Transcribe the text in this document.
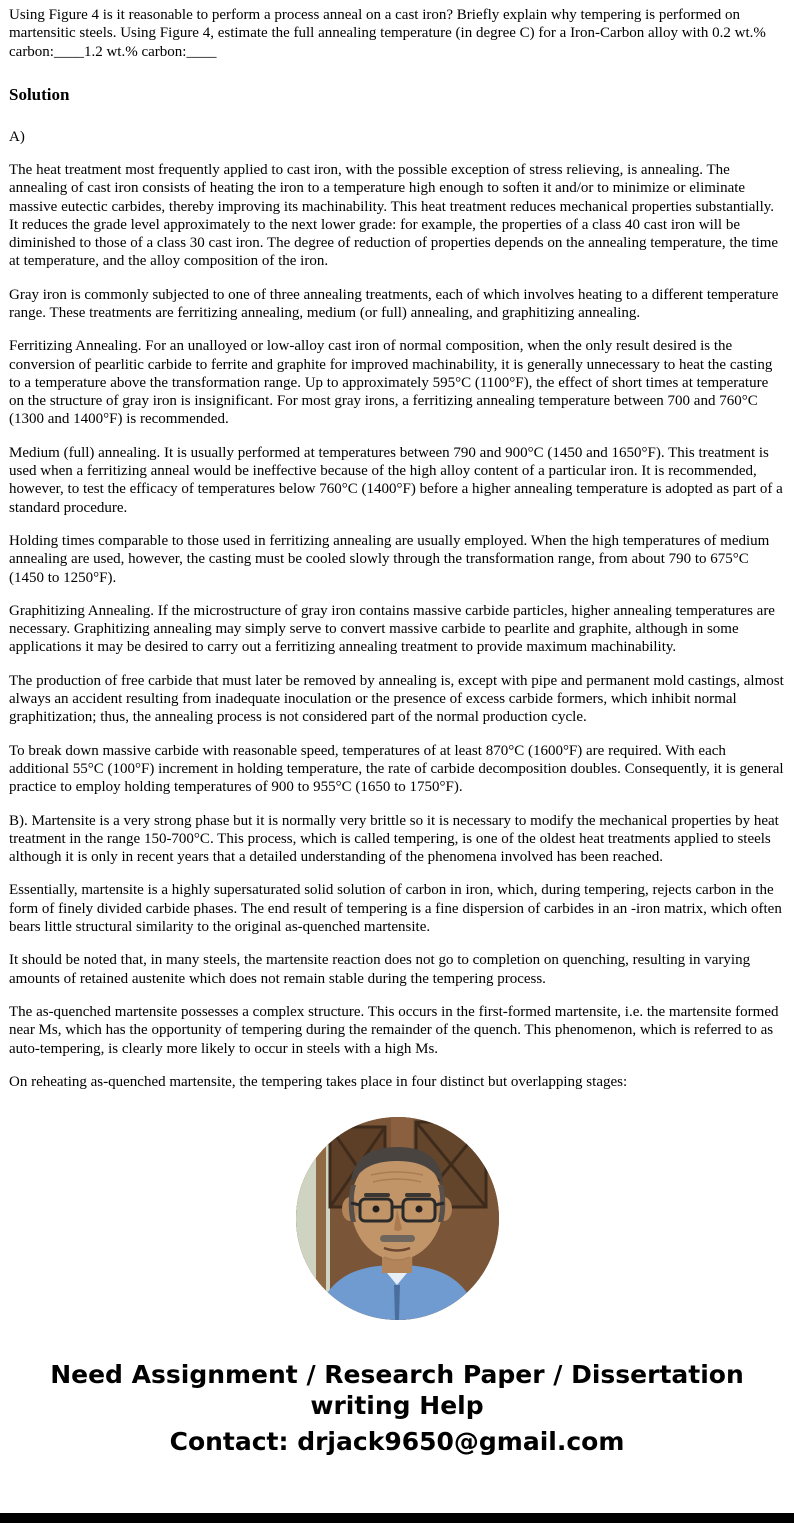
Using Figure 4 is it reasonable to perform a process anneal on a cast iron? Briefly explain why tempering is performed on martensitic steels. Using Figure 4, estimate the full annealing temperature (in degree C) for a Iron-Carbon alloy with 0.2 wt.% carbon:____1.2 wt.% carbon:____

Solution

A)

The heat treatment most frequently applied to cast iron, with the possible exception of stress relieving, is annealing. The annealing of cast iron consists of heating the iron to a temperature high enough to soften it and/or to minimize or eliminate massive eutectic carbides, thereby improving its machinability. This heat treatment reduces mechanical properties substantially. It reduces the grade level approximately to the next lower grade: for example, the properties of a class 40 cast iron will be diminished to those of a class 30 cast iron. The degree of reduction of properties depends on the annealing temperature, the time at temperature, and the alloy composition of the iron.

Gray iron is commonly subjected to one of three annealing treatments, each of which involves heating to a different temperature range. These treatments are ferritizing annealing, medium (or full) annealing, and graphitizing annealing.

Ferritizing Annealing. For an unalloyed or low-alloy cast iron of normal composition, when the only result desired is the conversion of pearlitic carbide to ferrite and graphite for improved machinability, it is generally unnecessary to heat the casting to a temperature above the transformation range. Up to approximately 595°C (1100°F), the effect of short times at temperature on the structure of gray iron is insignificant. For most gray irons, a ferritizing annealing temperature between 700 and 760°C (1300 and 1400°F) is recommended.

Medium (full) annealing. It is usually performed at temperatures between 790 and 900°C (1450 and 1650°F). This treatment is used when a ferritizing anneal would be ineffective because of the high alloy content of a particular iron. It is recommended, however, to test the efficacy of temperatures below 760°C (1400°F) before a higher annealing temperature is adopted as part of a standard procedure.

Holding times comparable to those used in ferritizing annealing are usually employed. When the high temperatures of medium annealing are used, however, the casting must be cooled slowly through the transformation range, from about 790 to 675°C (1450 to 1250°F).

Graphitizing Annealing. If the microstructure of gray iron contains massive carbide particles, higher annealing temperatures are necessary. Graphitizing annealing may simply serve to convert massive carbide to pearlite and graphite, although in some applications it may be desired to carry out a ferritizing annealing treatment to provide maximum machinability.

The production of free carbide that must later be removed by annealing is, except with pipe and permanent mold castings, almost always an accident resulting from inadequate inoculation or the presence of excess carbide formers, which inhibit normal graphitization; thus, the annealing process is not considered part of the normal production cycle.

To break down massive carbide with reasonable speed, temperatures of at least 870°C (1600°F) are required. With each additional 55°C (100°F) increment in holding temperature, the rate of carbide decomposition doubles. Consequently, it is general practice to employ holding temperatures of 900 to 955°C (1650 to 1750°F).

B). Martensite is a very strong phase but it is normally very brittle so it is necessary to modify the mechanical properties by heat treatment in the range 150-700°C. This process, which is called tempering, is one of the oldest heat treatments applied to steels although it is only in recent years that a detailed understanding of the phenomena involved has been reached.

Essentially, martensite is a highly supersaturated solid solution of carbon in iron, which, during tempering, rejects carbon in the form of finely divided carbide phases. The end result of tempering is a fine dispersion of carbides in an -iron matrix, which often bears little structural similarity to the original as-quenched martensite.

It should be noted that, in many steels, the martensite reaction does not go to completion on quenching, resulting in varying amounts of retained austenite which does not remain stable during the tempering process.

The as-quenched martensite possesses a complex structure. This occurs in the first-formed martensite, i.e. the martensite formed near Ms, which has the opportunity of tempering during the remainder of the quench. This phenomenon, which is referred to as auto-tempering, is clearly more likely to occur in steels with a high Ms.

On reheating as-quenched martensite, the tempering takes place in four distinct but overlapping stages:

Need Assignment / Research Paper / Dissertation writing Help
Contact: drjack9650@gmail.com
